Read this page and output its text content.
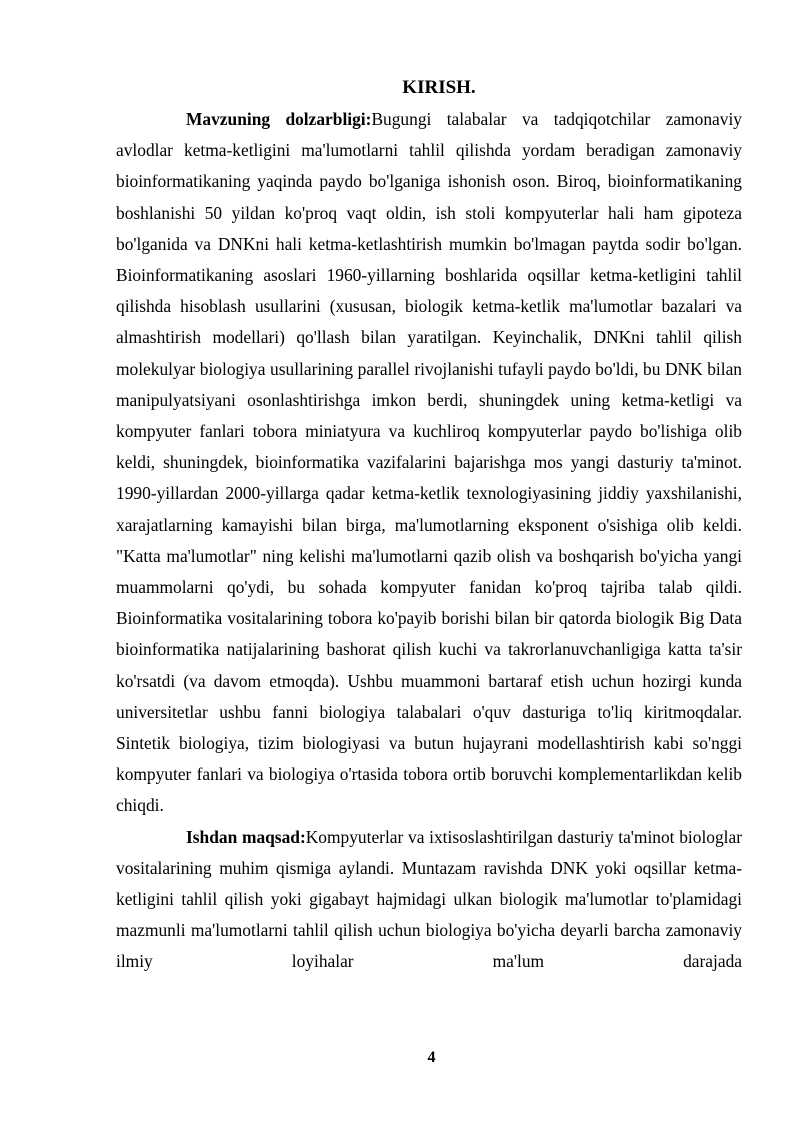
KIRISH.

Mavzuning dolzarbligi:Bugungi talabalar va tadqiqotchilar zamonaviy avlodlar ketma-ketligini ma'lumotlarni tahlil qilishda yordam beradigan zamonaviy bioinformatikaning yaqinda paydo bo'lganiga ishonish oson. Biroq, bioinformatikaning boshlanishi 50 yildan ko'proq vaqt oldin, ish stoli kompyuterlar hali ham gipoteza bo'lganida va DNKni hali ketma-ketlashtirish mumkin bo'lmagan paytda sodir bo'lgan. Bioinformatikaning asoslari 1960-yillarning boshlarida oqsillar ketma-ketligini tahlil qilishda hisoblash usullarini (xususan, biologik ketma-ketlik ma'lumotlar bazalari va almashtirish modellari) qo'llash bilan yaratilgan. Keyinchalik, DNKni tahlil qilish molekulyar biologiya usullarining parallel rivojlanishi tufayli paydo bo'ldi, bu DNK bilan manipulyatsiyani osonlashtirishga imkon berdi, shuningdek uning ketma-ketligi va kompyuter fanlari tobora miniatyura va kuchliroq kompyuterlar paydo bo'lishiga olib keldi, shuningdek, bioinformatika vazifalarini bajarishga mos yangi dasturiy ta'minot. 1990-yillardan 2000-yillarga qadar ketma-ketlik texnologiyasining jiddiy yaxshilanishi, xarajatlarning kamayishi bilan birga, ma'lumotlarning eksponent o'sishiga olib keldi. "Katta ma'lumotlar" ning kelishi ma'lumotlarni qazib olish va boshqarish bo'yicha yangi muammolarni qo'ydi, bu sohada kompyuter fanidan ko'proq tajriba talab qildi. Bioinformatika vositalarining tobora ko'payib borishi bilan bir qatorda biologik Big Data bioinformatika natijalarining bashorat qilish kuchi va takrorlanuvchanligiga katta ta'sir ko'rsatdi (va davom etmoqda). Ushbu muammoni bartaraf etish uchun hozirgi kunda universitetlar ushbu fanni biologiya talabalari o'quv dasturiga to'liq kiritmoqdalar. Sintetik biologiya, tizim biologiyasi va butun hujayrani modellashtirish kabi so'nggi kompyuter fanlari va biologiya o'rtasida tobora ortib boruvchi komplementarlikdan kelib chiqdi.

Ishdan maqsad:Kompyuterlar va ixtisoslashtirilgan dasturiy ta'minot biologlar vositalarining muhim qismiga aylandi. Muntazam ravishda DNK yoki oqsillar ketma-ketligini tahlil qilish yoki gigabayt hajmidagi ulkan biologik ma'lumotlar to'plamidagi mazmunli ma'lumotlarni tahlil qilish uchun biologiya bo'yicha deyarli barcha zamonaviy ilmiy loyihalar ma'lum darajada

4
